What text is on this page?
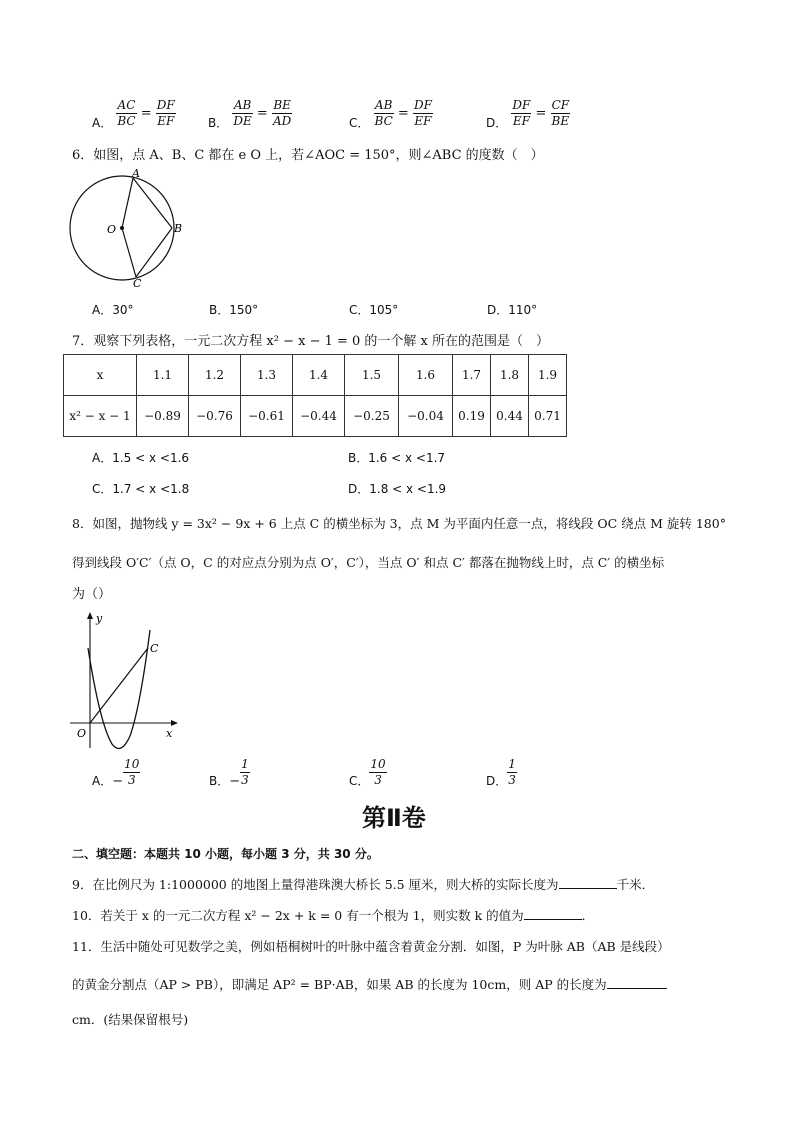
A． $\frac{AC}{BC} = \frac{DF}{EF}$	B． $\frac{AB}{DE} = \frac{BE}{AD}$	C． $\frac{AB}{BC} = \frac{DF}{EF}$	D． $\frac{DF}{EF} = \frac{CF}{BE}$
6．如图，点 A、B、C 都在 e O 上，若∠AOC = 150°，则∠ABC 的度数（　）
A
B
C
O
A．30°	B．150°	C．105°	D．110°
7．观察下列表格，一元二次方程 x² − x − 1 = 0 的一个解 x 所在的范围是（　）
x	1.1	1.2	1.3	1.4	1.5	1.6	1.7	1.8	1.9
x² − x − 1	−0.89	−0.76	−0.61	−0.44	−0.25	−0.04	0.19	0.44	0.71
A．1.5 < x <1.6	B．1.6 < x <1.7
C．1.7 < x <1.8	D．1.8 < x <1.9
8．如图，抛物线 y = 3x² − 9x + 6 上点 C 的横坐标为 3，点 M 为平面内任意一点，将线段 OC 绕点 M 旋转 180°
得到线段 O′C′（点 O，C 的对应点分别为点 O′，C′），当点 O′ 和点 C′ 都落在抛物线上时，点 C′ 的横坐标
为（）
y
x
O
C
A．− $\frac{10}{3}$	B．− $\frac{1}{3}$	C． $\frac{10}{3}$	D． $\frac{1}{3}$
第Ⅱ卷
二、填空题：本题共 10 小题，每小题 3 分，共 30 分。
9．在比例尺为 1:1000000 的地图上量得港珠澳大桥长 5.5 厘米，则大桥的实际长度为	千米．
10．若关于 x 的一元二次方程 x² − 2x + k = 0 有一个根为 1，则实数 k 的值为	．
11．生活中随处可见数学之美，例如梧桐树叶的叶脉中蕴含着黄金分割．如图，P 为叶脉 AB（AB 是线段）
的黄金分割点（AP > PB），即满足 AP² = BP·AB，如果 AB 的长度为 10cm，则 AP 的长度为
cm．(结果保留根号)
